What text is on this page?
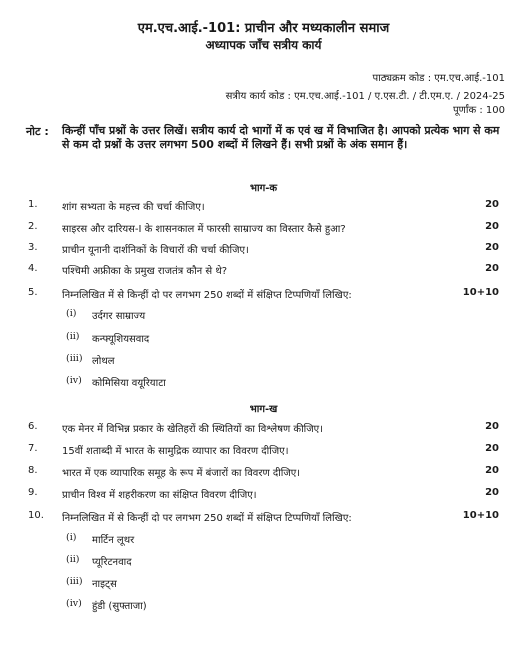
एम.एच.आई.-101: प्राचीन और मध्यकालीन समाज
अध्यापक जाँच सत्रीय कार्य
पाठ्यक्रम कोड : एम.एच.आई.-101
सत्रीय कार्य कोड : एम.एच.आई.-101 / ए.एस.टी. / टी.एम.ए. / 2024-25
पूर्णांक : 100
नोट : किन्हीं पाँच प्रश्नों के उत्तर लिखें। सत्रीय कार्य दो भागों में क एवं ख में विभाजित है। आपको प्रत्येक भाग से कम से कम दो प्रश्नों के उत्तर लगभग 500 शब्दों में लिखने हैं। सभी प्रश्नों के अंक समान हैं।
भाग-क
1. शांग सभ्यता के महत्त्व की चर्चा कीजिए।	20
2. साइरस और दारियस-I के शासनकाल में फारसी साम्राज्य का विस्तार कैसे हुआ?	20
3. प्राचीन यूनानी दार्शनिकों के विचारों की चर्चा कीजिए।	20
4. पश्चिमी अफ्रीका के प्रमुख राजतंत्र कौन से थे?	20
5. निम्नलिखित में से किन्हीं दो पर लगभग 250 शब्दों में संक्षिप्त टिप्पणियाँ लिखिए:	10+10
(i) उर्दगर साम्राज्य
(ii) कन्फ्यूशियसवाद
(iii) लोथल
(iv) कोमिसिया वयूरियाटा
भाग-ख
6. एक मेनर में विभिन्न प्रकार के खेतिहरों की स्थितियों का विश्लेषण कीजिए।	20
7. 15वीं शताब्दी में भारत के सामुद्रिक व्यापार का विवरण दीजिए।	20
8. भारत में एक व्यापारिक समूह के रूप में बंजारों का विवरण दीजिए।	20
9. प्राचीन विश्व में शहरीकरण का संक्षिप्त विवरण दीजिए।	20
10. निम्नलिखित में से किन्हीं दो पर लगभग 250 शब्दों में संक्षिप्त टिप्पणियाँ लिखिए:	10+10
(i) मार्टिन लूथर
(ii) प्यूरिटनवाद
(iii) नाइट्स
(iv) हुंडी (सुफ्ताजा)
